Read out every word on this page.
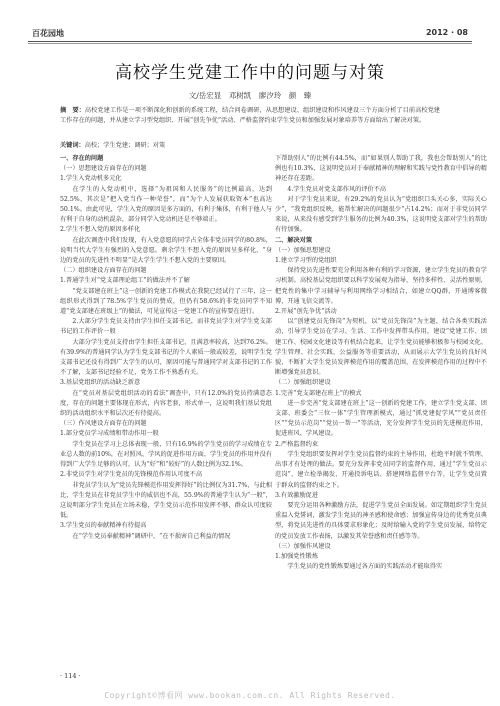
百花园地	2012 · 08
高校学生党建工作中的问题与对策
文/岳宏显　邓树凯　廖汐玲　颜　臻
摘　要：高校党建工作是一项不断深化和创新的系统工程，结合问卷调研，从思想建设、组织建设和作风建设三个方面分析了目前高校党建工作存在的问题，并从建立学习型党组织、开展“创先争优”活动、严格监督约束学生党员和加强发展对象培养等方面给出了解决对策。
关键词：高校；学生党建；调研；对策

一、存在的问题

（一）思想建设方面存在的问题

1.学生入党动机多元化

在学生的入党动机中，选择“为祖国和人民服务”的比例最高，达到52.5%，其次是“把入党当作一种荣誉”，而“为个人发展获取资本”也高达50.1%。由此可见，学生入党的原因是多方面的，有利于集体，有利于他人与有利于自身的动机混杂，部分同学入党动机还是不够端正。

2.学生不想入党的原因多样化

在此次调查中我们发现，有入党意愿的同学占全体非党员同学的80.8%，说明当代大学生有强烈的入党意愿。剩余学生不想入党的原因呈多样化，“身边的党员的先进性不明显”是大学生学生不想入党的主要原因。

（二）组织建设方面存在的问题

1.普通学生对“党支部理论组工”的做法并不了解

“党支部建在班上”这一创新的党建工作模式在我院已经试行了三年，这一组织形式得到了78.5%学生党员的赞成，但仍有58.6%的非党员同学不知道“党支部建在班级上”的做法，可见宣传这一党建工作的宣传要在进行。

2.大部分学生党员支持由学生担任支部书记，而非党员学生对学生党支部书记的工作评价一般

大部分学生党员支持由学生担任支部书记，且满意率较高，达到76.2%。有39.9%的普通同学认为学生党支部书记的个人素质一般或较差，说明学生党支部书记还没有得到广大学生的认可，原因可能与普通同学对支部书记的工作不了解，支部书记经验不足，党务工作不熟悉有关。

3.基层党组织的活动缺乏新意

在“党员对基层党组织活动的看法”调查中，只有12.0%的党员持满意态度，存在的问题主要体现在形式，内容老套，形式单一，这说明我们基层党组织的活动组织水平和层次还有待提高。

（三）作风建设方面存在的问题

1.部分党员学习成绩和带动作用一般

学生党员在学习上总体表现一般，只有16.9%的学生党员的学习成绩在专业总人数的前10%，在对照风、学风的促进作用方面，学生党员的作用并没有得到广大学生足够的认可，认为“好”和“较好”的人数比例为32.1%。

2.非党员学生对学生党员的先锋模范作用认可度不高

非党员学生认为“党员先锋模范作用发挥得好”的比例仅为31.7%，与此相比，学生党员在非党员学生中的威信也不高，55.9%的普通学生认为“一般”，这说明部分学生党员在立场未稳，学生党员示范作用发挥不够，群众认可度较低。

3.学生党员的奉献精神有待提高

在“学生党员奉献精神”调研中，“在不损害自己利益的情况

下帮助别人”的比例有44.5%，而“如果别人帮助了我，我也会帮助别人”的比例也有10.3%，这说明党员对于奉献精神的理解和实践与党性教育中倡导的精神还存在差距。

4.学生党员对党支部作风的评价不高

对于学生党员来说，有29.2%的党员认为“党组织口头关心多，实际关心少”，“我党组织反映，能帮忙解决的问题很少”占14.2%；而对于非党员同学来说，从来没有感受到学生服务的比例为40.3%，这说明党支部对学生的帮助有待加强。

二、解决对策

（一）加强思想建设

1.建立学习型的党组织

保持党员先进性要充分利用各种有利的学习资源，建立学生党员的教育学习机制。高校基层党组织要以科学发展观为指导，坚持多样性、灵活性原则，把党性的集中学习辅导与利用网络学习相结合，如建立QQ群、开通博客微博，开通飞信交流等。

2.开展“创先争优”活动

以“创建党员先锋岗”为契机，以“党员先锋岗”为主题，结合各类实践活动，引导学生党员在学习、生活、工作中发挥带头作用，建设“党建工作、团建工作、校园文化建设等有机结合起来，让学生党员能够积极参与校园文化、学生管理、社会实践、公益服务等重要活动，从而展示大学生党员的良好风貌，不断扩大学生党员发挥模范作用的覆盖范围，在发挥模范作用的过程中不断增强党员意识。

（二）加强组织建设

1.完善“党支部建在班上”的模式

进一步完善“党支部建在班上”这一创新的党建工作，建立学生党支部、团支部、班委会“三位一体”学生管理新模式，通过“抓党建促学风”“党员责任区”“党员示范岗”“党员一帮一”等活动，充分发挥学生党员的先进模范作用，促进班风、学风建设。

2.严格监督约束

学生党组织要发挥对学生党员监督约束的主导作用，杜绝平时就不管理、出事才有处理的做法。要充分发挥非党员同学的监督作用，通过“学生党员示范岗”、建立检举揭发、开通投诉电话、搭建网络监督平台等，让学生党员置于群众的监督约束之下。

3.有效激励促进

要充分运用各种激励方法，促进学生党员全面发展。如定期组织学生党员重温入党誓词，激发学生党员的神圣感和使命感；加强宣传身边的优秀党员典型，将党员先进性的具体要求形象化；及时给输入党的学生党员发展，给特定的党员发放工作表扬，以激发其荣誉感和责任感等等。

（三）加强作风建设

1.加强党性锻炼

学生党员的党性锻炼要通过各方面的实践活动才能取得实

· 114 ·
Copyright©博看网 www.bookan.com.cn. All Rights Reserved.
